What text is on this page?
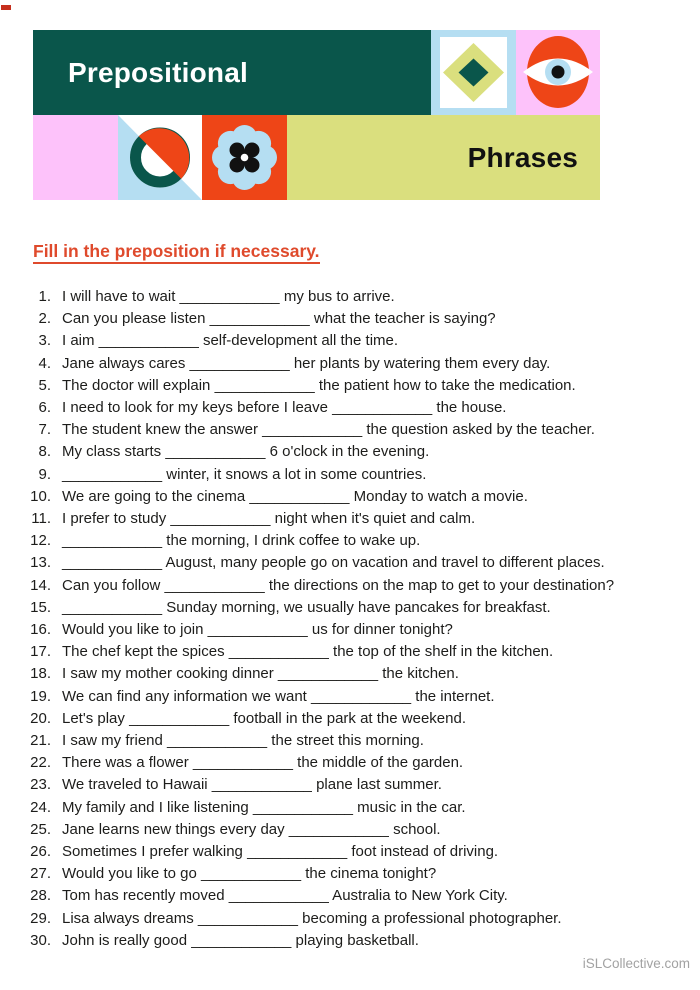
Prepositional
Phrases
Fill in the preposition if necessary.
1. I will have to wait ____________ my bus to arrive.
2. Can you please listen ____________ what the teacher is saying?
3. I aim ____________ self-development all the time.
4. Jane always cares ____________ her plants by watering them every day.
5. The doctor will explain ____________ the patient how to take the medication.
6. I need to look for my keys before I leave ____________ the house.
7. The student knew the answer ____________ the question asked by the teacher.
8. My class starts ____________ 6 o'clock in the evening.
9. ____________ winter, it snows a lot in some countries.
10. We are going to the cinema ____________ Monday to watch a movie.
11. I prefer to study ____________ night when it's quiet and calm.
12. ____________ the morning, I drink coffee to wake up.
13. ____________ August, many people go on vacation and travel to different places.
14. Can you follow ____________ the directions on the map to get to your destination?
15. ____________ Sunday morning, we usually have pancakes for breakfast.
16. Would you like to join ____________ us for dinner tonight?
17. The chef kept the spices ____________ the top of the shelf in the kitchen.
18. I saw my mother cooking dinner ____________ the kitchen.
19. We can find any information we want ____________ the internet.
20. Let's play ____________ football in the park at the weekend.
21. I saw my friend ____________ the street this morning.
22. There was a flower ____________ the middle of the garden.
23. We traveled to Hawaii ____________ plane last summer.
24. My family and I like listening ____________ music in the car.
25. Jane learns new things every day ____________ school.
26. Sometimes I prefer walking ____________ foot instead of driving.
27. Would you like to go ____________ the cinema tonight?
28. Tom has recently moved ____________ Australia to New York City.
29. Lisa always dreams ____________ becoming a professional photographer.
30. John is really good ____________ playing basketball.
iSLCollective.com
